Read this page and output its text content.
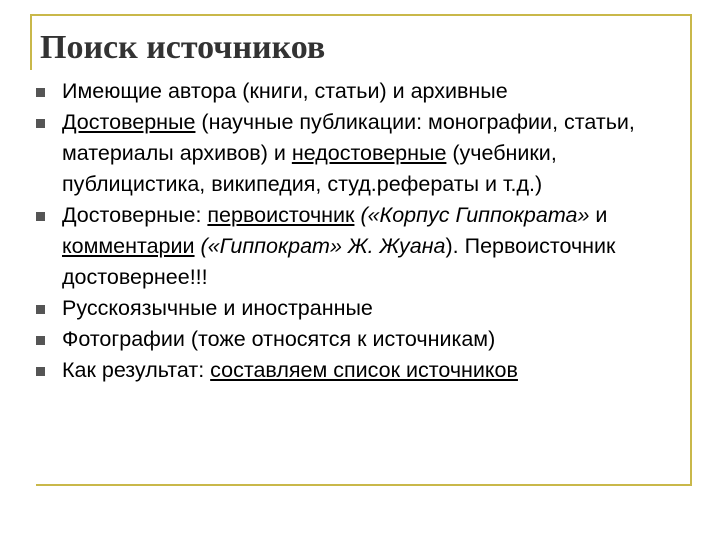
Поиск источников
Имеющие автора (книги, статьи) и архивные
Достоверные (научные публикации: монографии, статьи, материалы архивов) и недостоверные (учебники, публицистика, википедия, студ.рефераты и т.д.)
Достоверные: первоисточник («Корпус Гиппократа» и комментарии («Гиппократ» Ж. Жуана). Первоисточник достовернее!!!
Русскоязычные и иностранные
Фотографии (тоже относятся к источникам)
Как результат: составляем список источников
